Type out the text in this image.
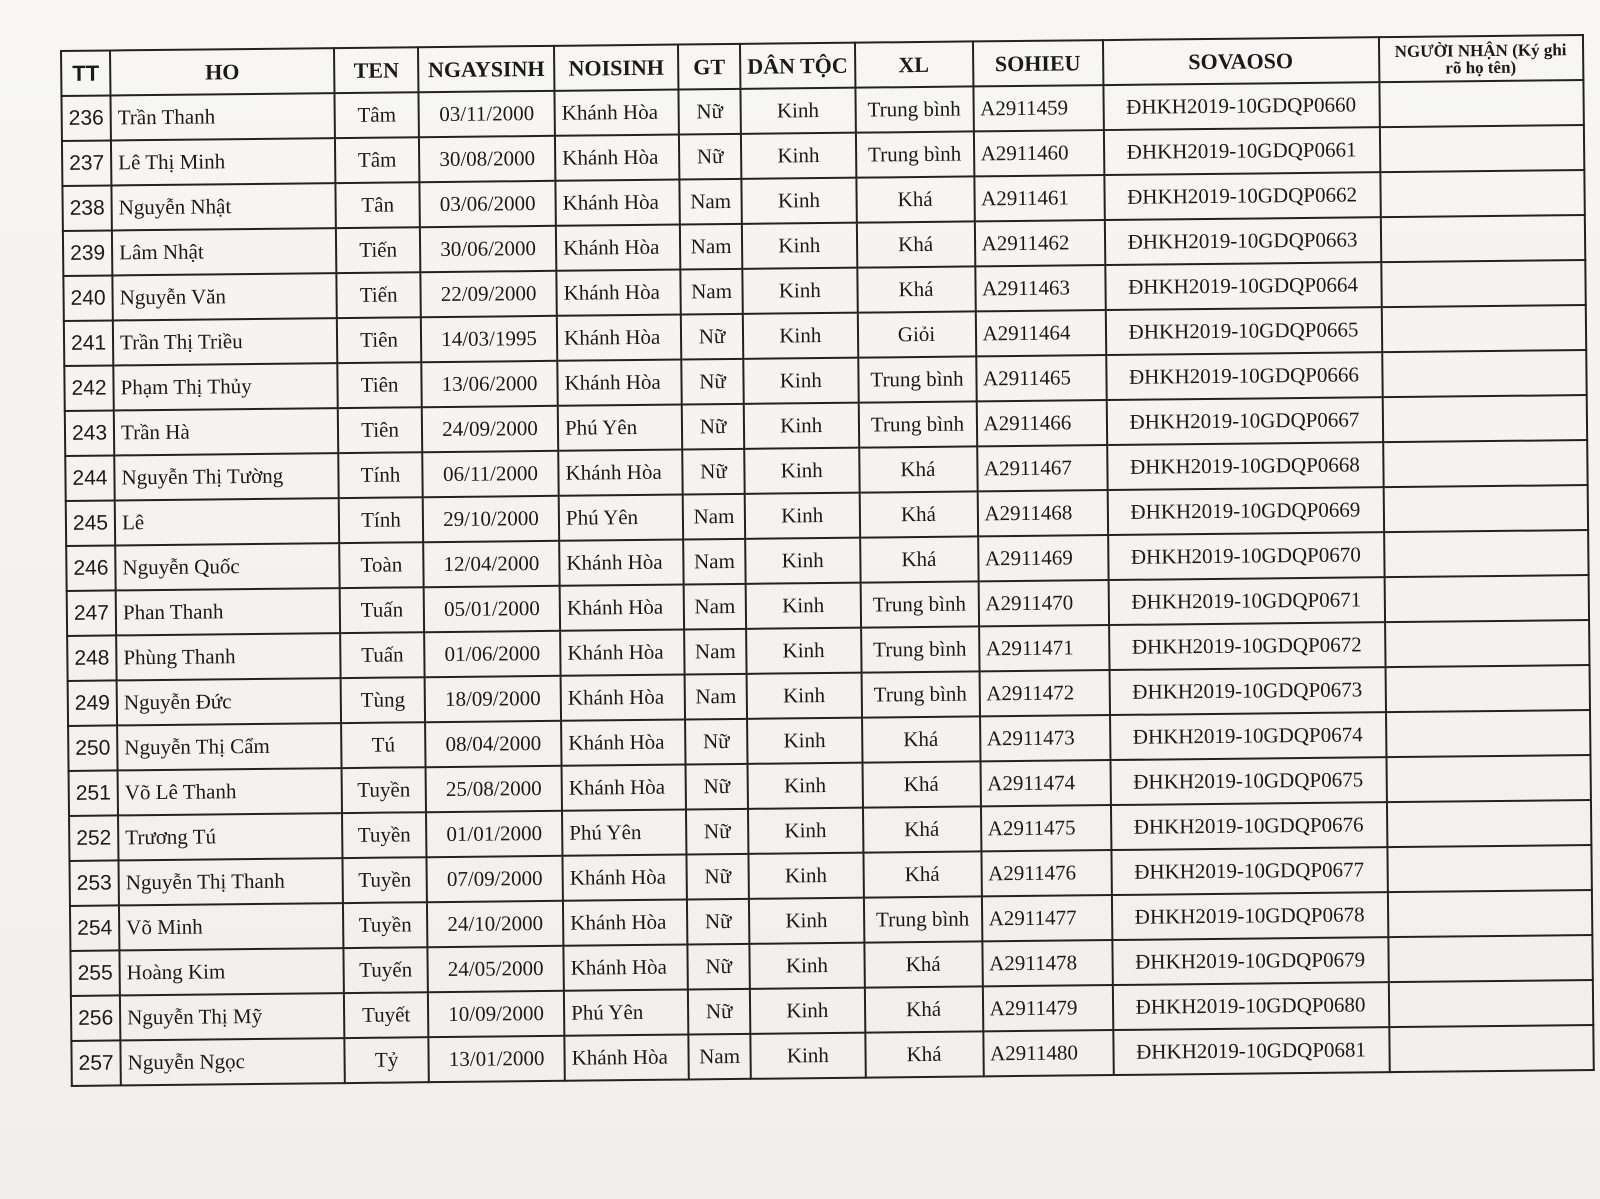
TT	HO	TEN	NGAYSINH	NOISINH	GT	DÂN TỘC	XL	SOHIEU	SOVAOSO	NGƯỜI NHẬN (Ký ghi rõ họ tên)
236	Trần Thanh	Tâm	03/11/2000	Khánh Hòa	Nữ	Kinh	Trung bình	A2911459	ĐHKH2019-10GDQP0660	
237	Lê Thị Minh	Tâm	30/08/2000	Khánh Hòa	Nữ	Kinh	Trung bình	A2911460	ĐHKH2019-10GDQP0661	
238	Nguyễn Nhật	Tân	03/06/2000	Khánh Hòa	Nam	Kinh	Khá	A2911461	ĐHKH2019-10GDQP0662	
239	Lâm Nhật	Tiến	30/06/2000	Khánh Hòa	Nam	Kinh	Khá	A2911462	ĐHKH2019-10GDQP0663	
240	Nguyễn Văn	Tiến	22/09/2000	Khánh Hòa	Nam	Kinh	Khá	A2911463	ĐHKH2019-10GDQP0664	
241	Trần Thị Triều	Tiên	14/03/1995	Khánh Hòa	Nữ	Kinh	Giỏi	A2911464	ĐHKH2019-10GDQP0665	
242	Phạm Thị Thủy	Tiên	13/06/2000	Khánh Hòa	Nữ	Kinh	Trung bình	A2911465	ĐHKH2019-10GDQP0666	
243	Trần Hà	Tiên	24/09/2000	Phú Yên	Nữ	Kinh	Trung bình	A2911466	ĐHKH2019-10GDQP0667	
244	Nguyễn Thị Tường	Tính	06/11/2000	Khánh Hòa	Nữ	Kinh	Khá	A2911467	ĐHKH2019-10GDQP0668	
245	Lê	Tính	29/10/2000	Phú Yên	Nam	Kinh	Khá	A2911468	ĐHKH2019-10GDQP0669	
246	Nguyễn Quốc	Toàn	12/04/2000	Khánh Hòa	Nam	Kinh	Khá	A2911469	ĐHKH2019-10GDQP0670	
247	Phan Thanh	Tuấn	05/01/2000	Khánh Hòa	Nam	Kinh	Trung bình	A2911470	ĐHKH2019-10GDQP0671	
248	Phùng Thanh	Tuấn	01/06/2000	Khánh Hòa	Nam	Kinh	Trung bình	A2911471	ĐHKH2019-10GDQP0672	
249	Nguyễn Đức	Tùng	18/09/2000	Khánh Hòa	Nam	Kinh	Trung bình	A2911472	ĐHKH2019-10GDQP0673	
250	Nguyễn Thị Cẩm	Tú	08/04/2000	Khánh Hòa	Nữ	Kinh	Khá	A2911473	ĐHKH2019-10GDQP0674	
251	Võ Lê Thanh	Tuyền	25/08/2000	Khánh Hòa	Nữ	Kinh	Khá	A2911474	ĐHKH2019-10GDQP0675	
252	Trương Tú	Tuyền	01/01/2000	Phú Yên	Nữ	Kinh	Khá	A2911475	ĐHKH2019-10GDQP0676	
253	Nguyễn Thị Thanh	Tuyền	07/09/2000	Khánh Hòa	Nữ	Kinh	Khá	A2911476	ĐHKH2019-10GDQP0677	
254	Võ Minh	Tuyền	24/10/2000	Khánh Hòa	Nữ	Kinh	Trung bình	A2911477	ĐHKH2019-10GDQP0678	
255	Hoàng Kim	Tuyến	24/05/2000	Khánh Hòa	Nữ	Kinh	Khá	A2911478	ĐHKH2019-10GDQP0679	
256	Nguyễn Thị Mỹ	Tuyết	10/09/2000	Phú Yên	Nữ	Kinh	Khá	A2911479	ĐHKH2019-10GDQP0680	
257	Nguyễn Ngọc	Tỷ	13/01/2000	Khánh Hòa	Nam	Kinh	Khá	A2911480	ĐHKH2019-10GDQP0681	
